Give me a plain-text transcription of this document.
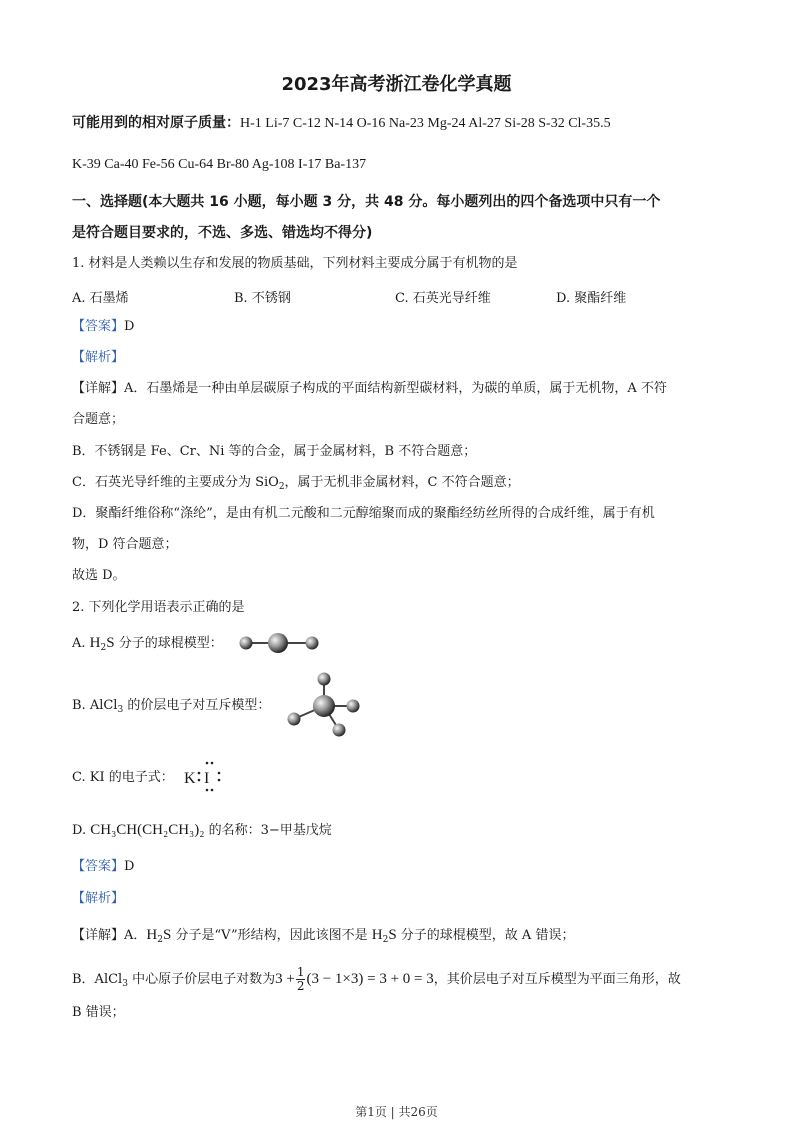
2023年高考浙江卷化学真题
可能用到的相对原子质量：H-1 Li-7 C-12 N-14 O-16 Na-23 Mg-24 Al-27 Si-28 S-32 Cl-35.5
K-39 Ca-40 Fe-56 Cu-64 Br-80 Ag-108 I-17 Ba-137
一、选择题(本大题共 16 小题，每小题 3 分，共 48 分。每小题列出的四个备选项中只有一个
是符合题目要求的，不选、多选、错选均不得分)
1. 材料是人类赖以生存和发展的物质基础，下列材料主要成分属于有机物的是
A. 石墨烯	B. 不锈钢	C. 石英光导纤维	D. 聚酯纤维
【答案】D
【解析】
【详解】A．石墨烯是一种由单层碳原子构成的平面结构新型碳材料，为碳的单质，属于无机物，A 不符
合题意；
B．不锈钢是 Fe、Cr、Ni 等的合金，属于金属材料，B 不符合题意；
C．石英光导纤维的主要成分为 SiO$_2$，属于无机非金属材料，C 不符合题意；
D．聚酯纤维俗称“涤纶”，是由有机二元酸和二元醇缩聚而成的聚酯经纺丝所得的合成纤维，属于有机
物，D 符合题意；
故选 D。
2. 下列化学用语表示正确的是
A. $H_2S$ 分子的球棍模型：
B. AlCl$_3$ 的价层电子对互斥模型：
C. KI 的电子式： K I
D. CH₃CH(CH₂CH₃)₂ 的名称：3−甲基戊烷
【答案】D
【解析】
【详解】A．$H_2S$ 分子是“V”形结构，因此该图不是 $H_2S$ 分子的球棍模型，故 A 错误；
B．AlCl$_3$ 中心原子价层电子对数为$3 + \frac{1}{2} (3 - 1\times 3) = 3 + 0 = 3$，其价层电子对互斥模型为平面三角形，故
B 错误；
第1页 | 共26页
